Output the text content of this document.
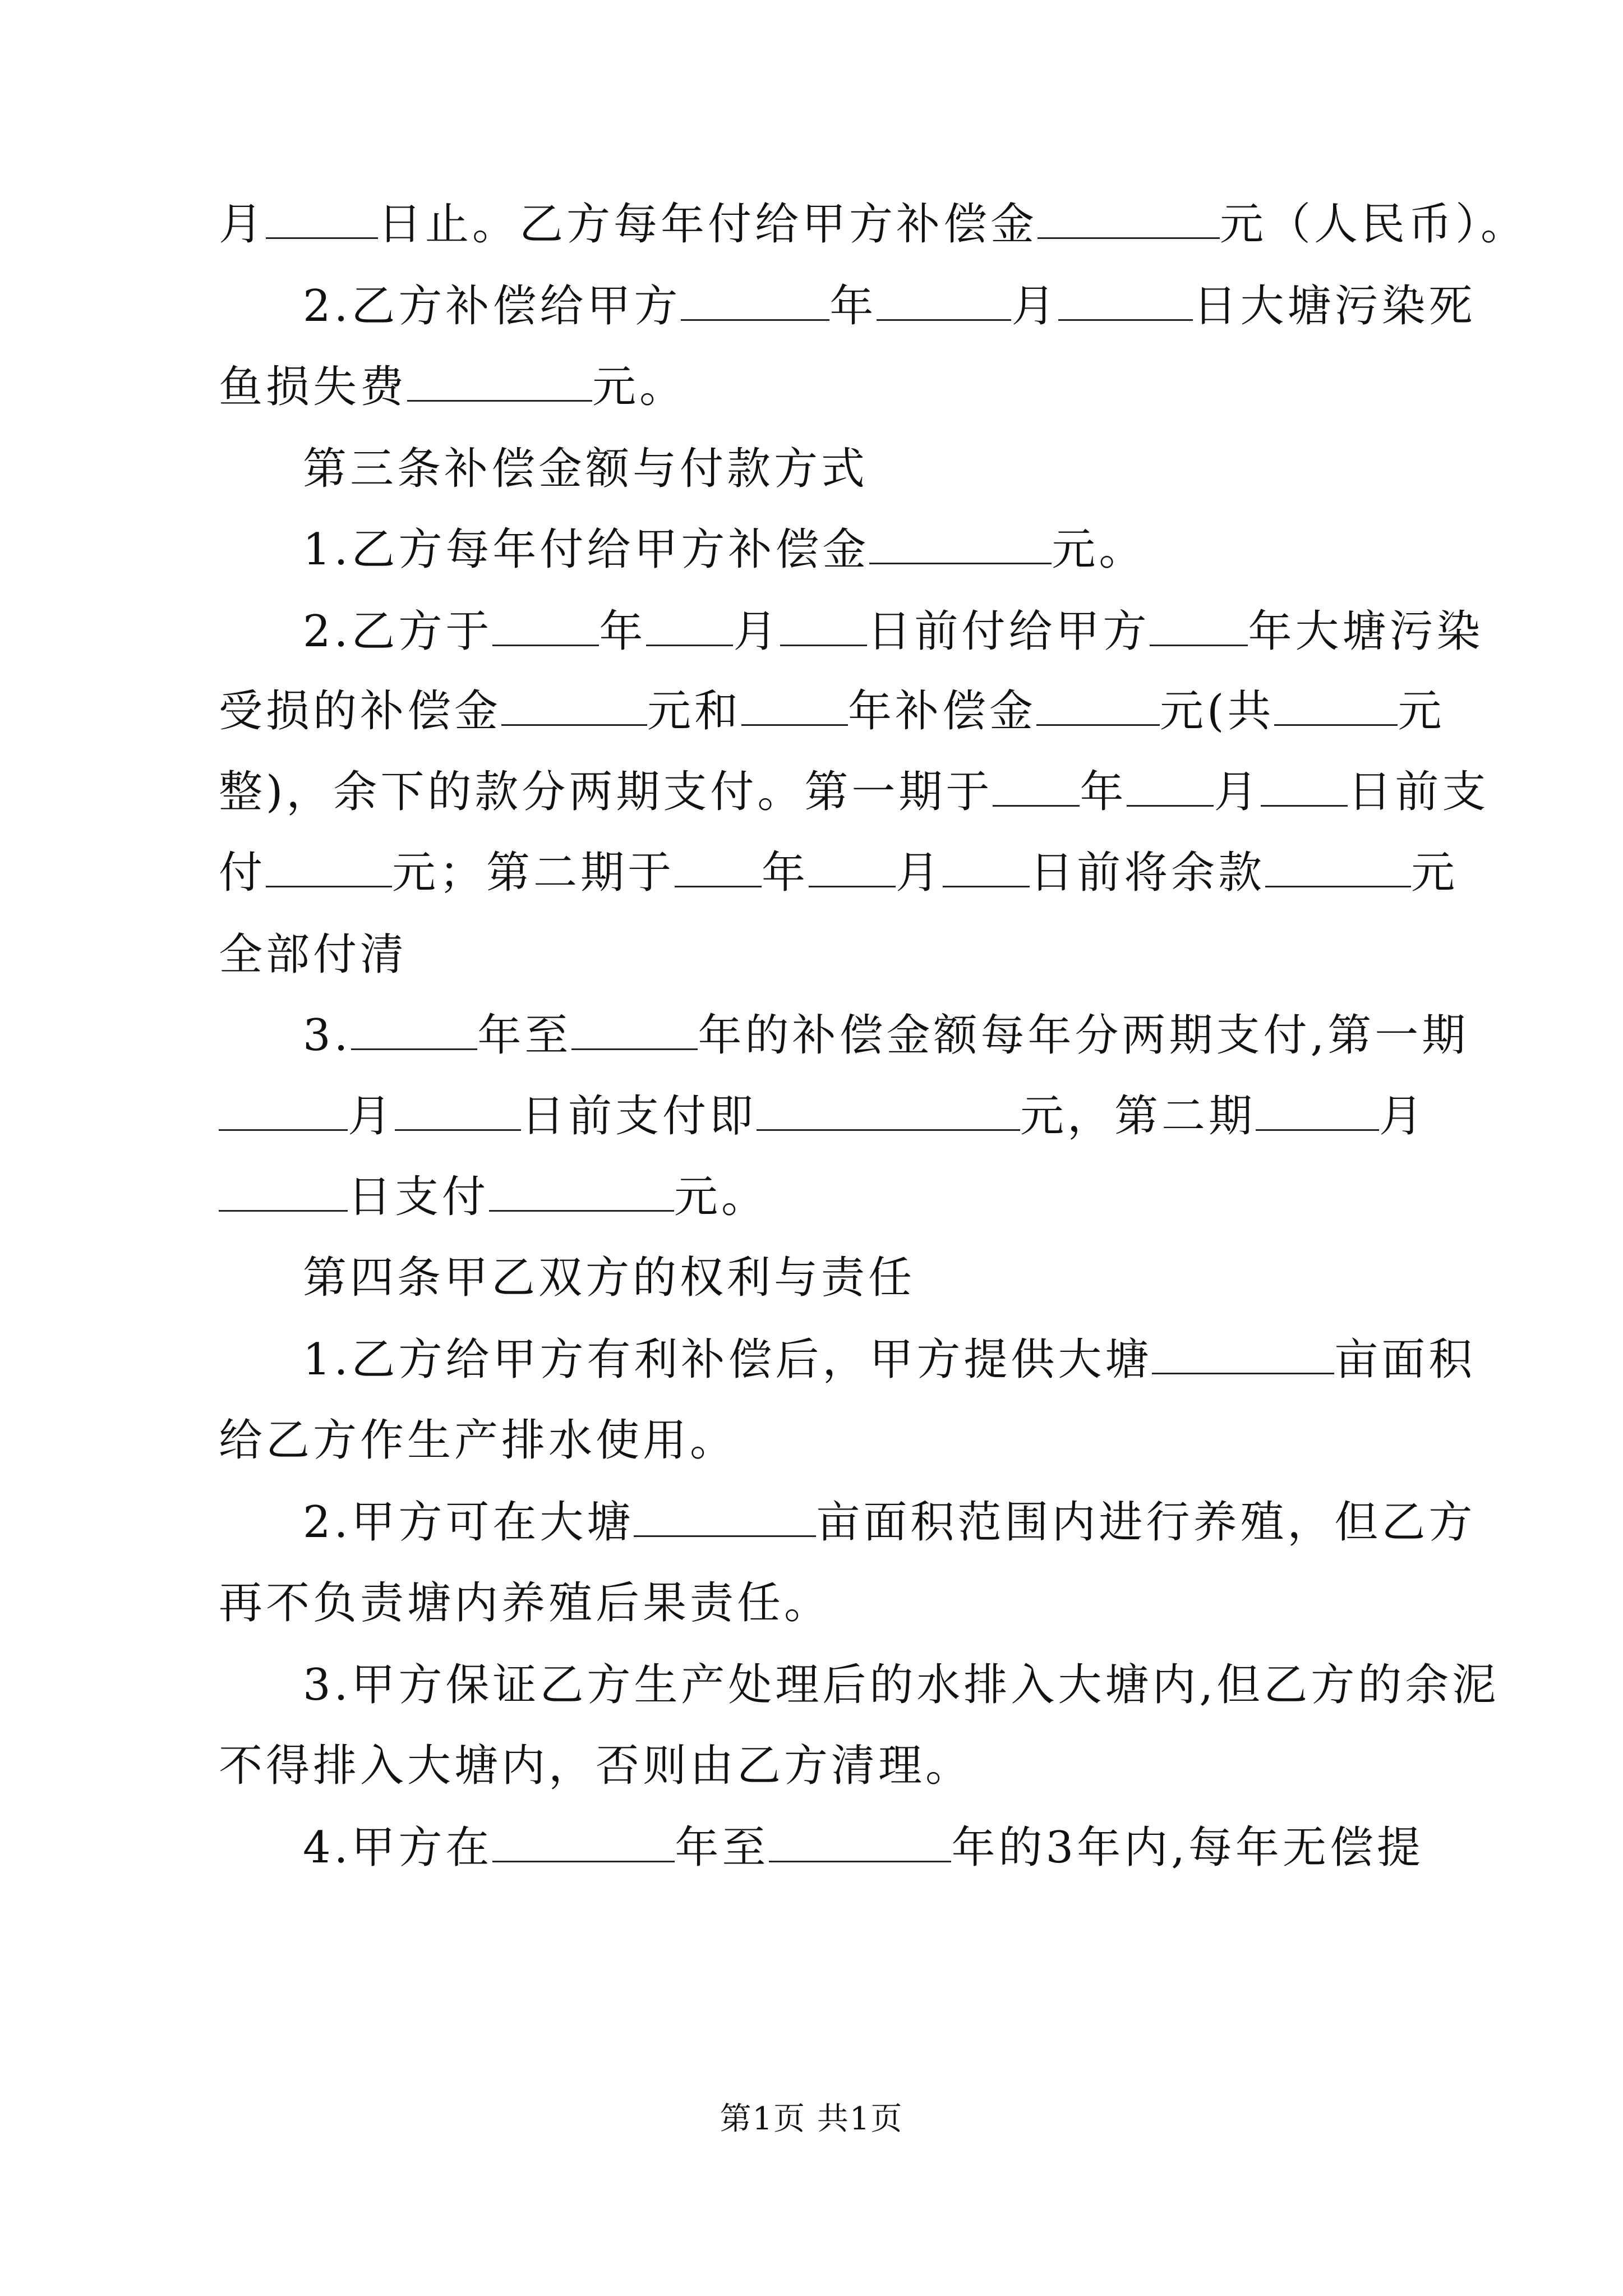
月	日止。乙方每年付给甲方补偿金	元（人民币）。
2.乙方补偿给甲方	年	月	日大塘污染死
鱼损失费	元。
第三条补偿金额与付款方式
1.乙方每年付给甲方补偿金	元。
2.乙方于 年 月 日前付给甲方 年大塘污染
受损的补偿金	元和 年补偿金	元(共	元
整)，余下的款分两期支付。第一期于 年 月 日前支
付	元；第二期于 年 月 日前将余款	元
全部付清
3.	年至	年的补偿金额每年分两期支付,第一期
月	日前支付即	元，第二期	月
日支付	元。
第四条甲乙双方的权利与责任
1.乙方给甲方有利补偿后，甲方提供大塘	亩面积
给乙方作生产排水使用。
2.甲方可在大塘	亩面积范围内进行养殖，但乙方
再不负责塘内养殖后果责任。
3.甲方保证乙方生产处理后的水排入大塘内,但乙方的余泥
不得排入大塘内，否则由乙方清理。
4.甲方在	年至	年的3年内,每年无偿提
第1页 共1页
